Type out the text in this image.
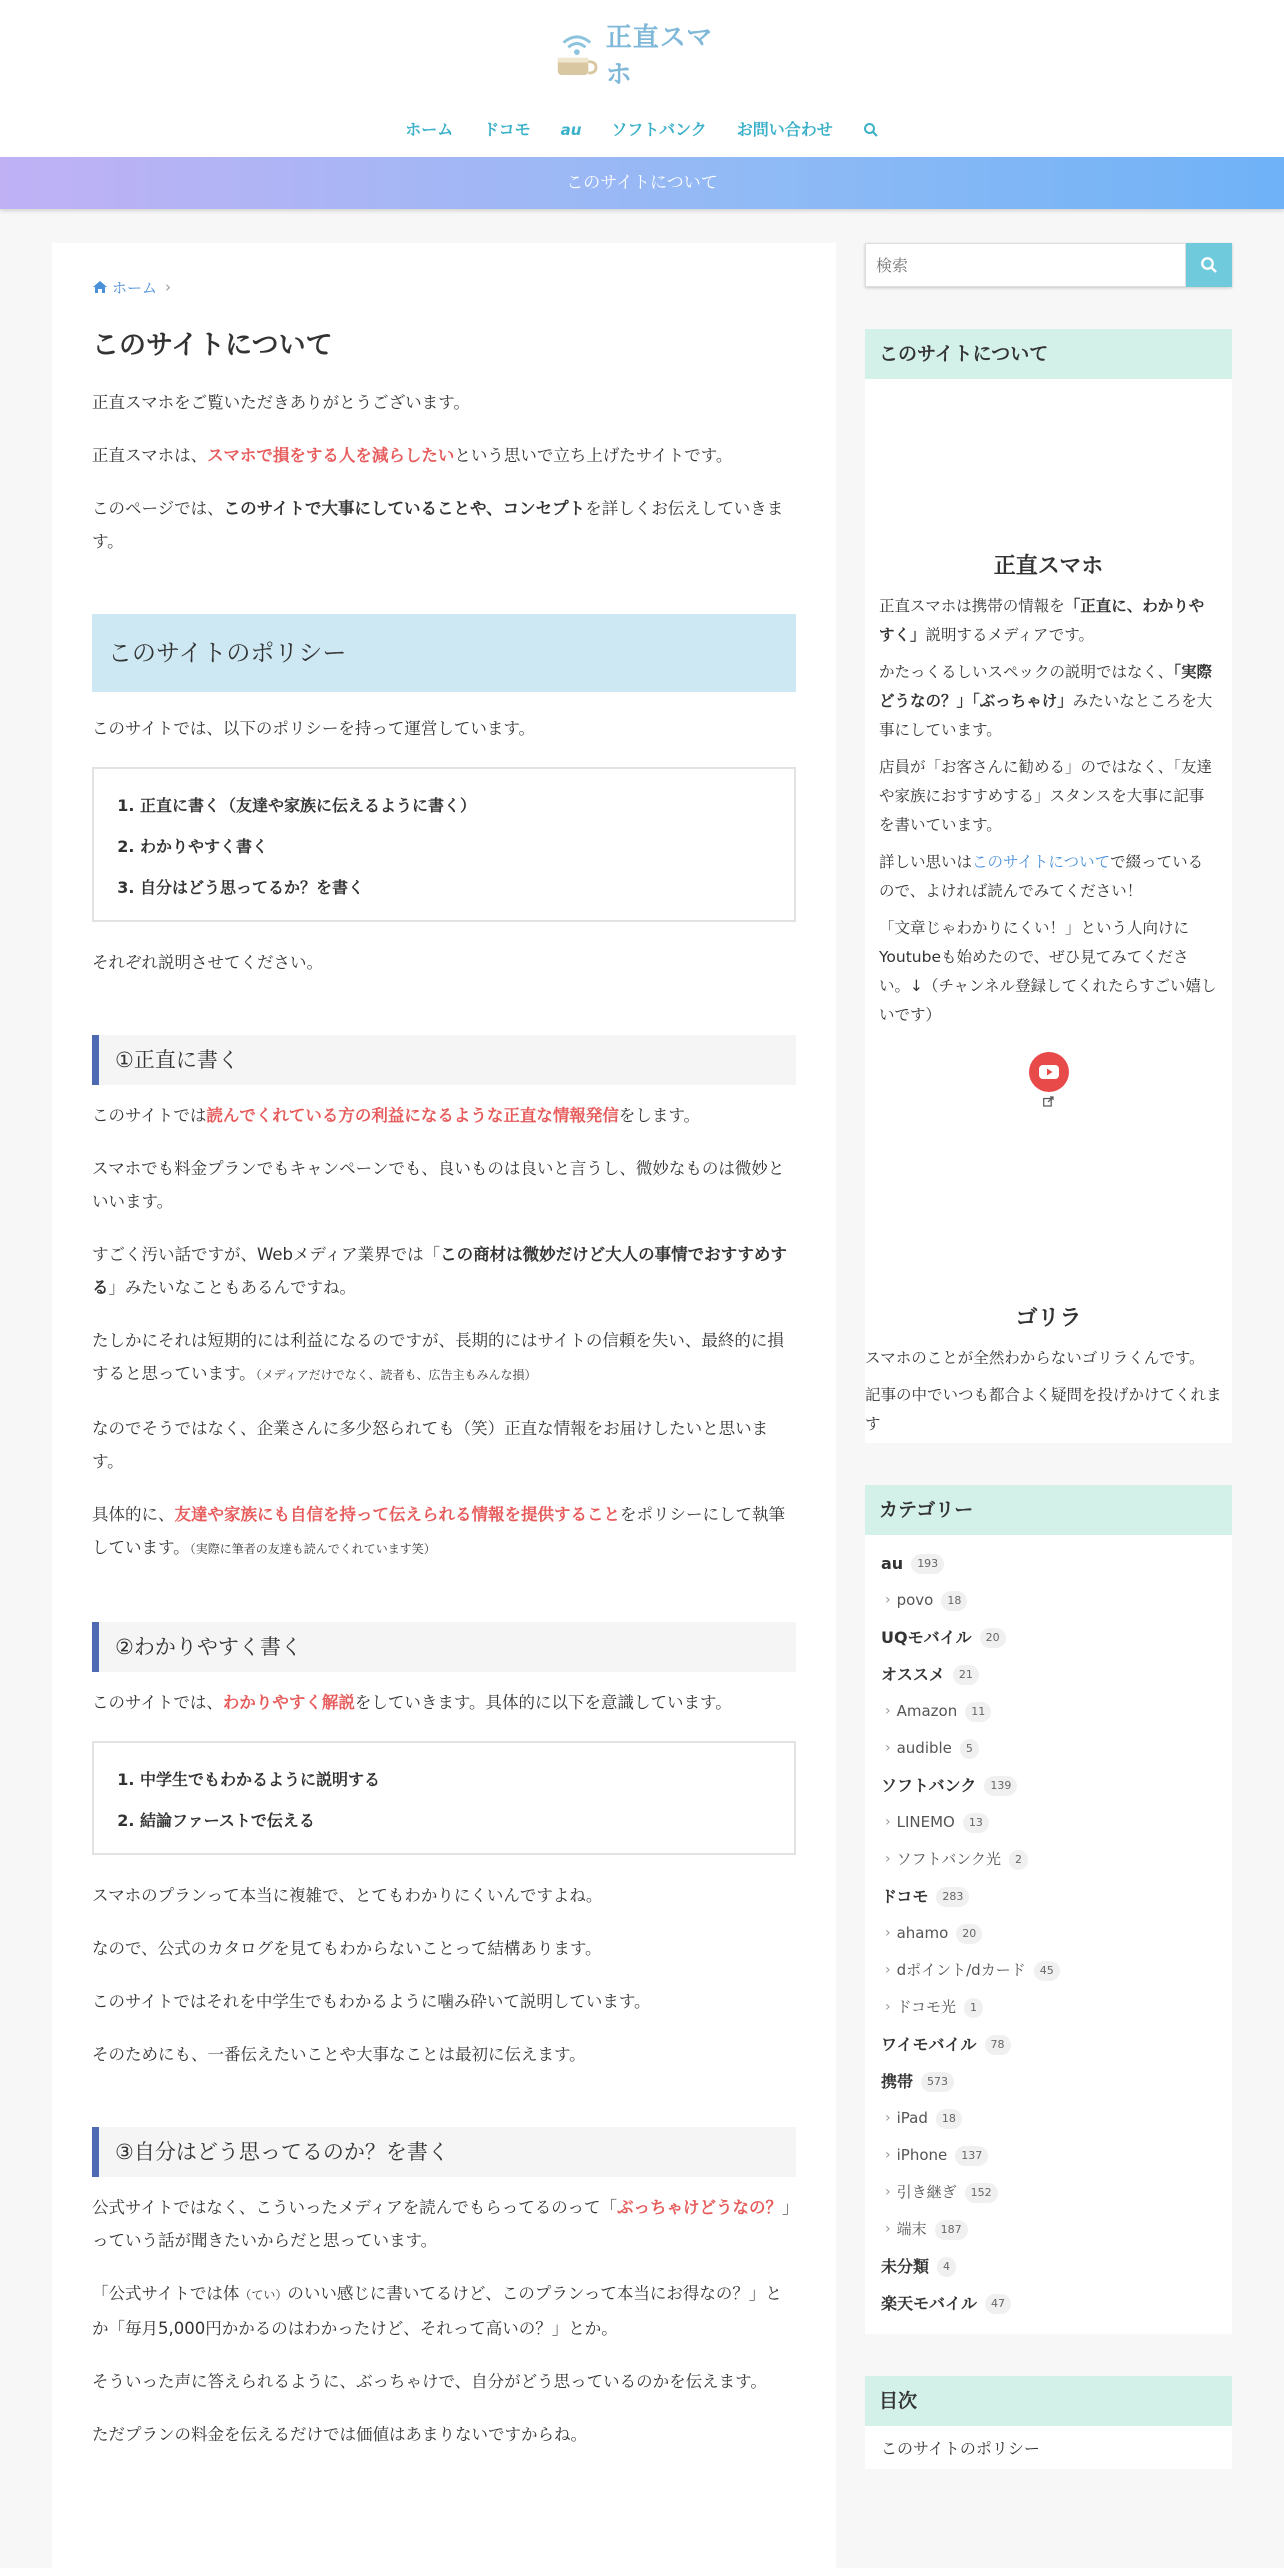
正直スマホ
ホーム	ドコモ	au	ソフトバンク	お問い合わせ
このサイトについて
ホーム ›
このサイトについて

正直スマホをご覧いただきありがとうございます。

正直スマホは、スマホで損をする人を減らしたいという思いで立ち上げたサイトです。

このページでは、このサイトで大事にしていることや、コンセプトを詳しくお伝えしていきます。

このサイトのポリシー

このサイトでは、以下のポリシーを持って運営しています。

1. 正直に書く（友達や家族に伝えるように書く）
2. わかりやすく書く
3. 自分はどう思ってるか？を書く

それぞれ説明させてください。

①正直に書く

このサイトでは読んでくれている方の利益になるような正直な情報発信をします。

スマホでも料金プランでもキャンペーンでも、良いものは良いと言うし、微妙なものは微妙といいます。

すごく汚い話ですが、Webメディア業界では「この商材は微妙だけど大人の事情でおすすめする」みたいなこともあるんですね。

たしかにそれは短期的には利益になるのですが、長期的にはサイトの信頼を失い、最終的に損すると思っています。（メディアだけでなく、読者も、広告主もみんな損）

なのでそうではなく、企業さんに多少怒られても（笑）正直な情報をお届けしたいと思います。

具体的に、友達や家族にも自信を持って伝えられる情報を提供することをポリシーにして執筆しています。（実際に筆者の友達も読んでくれています笑）

②わかりやすく書く

このサイトでは、わかりやすく解説をしていきます。具体的に以下を意識しています。

1. 中学生でもわかるように説明する
2. 結論ファーストで伝える

スマホのプランって本当に複雑で、とてもわかりにくいんですよね。

なので、公式のカタログを見てもわからないことって結構あります。

このサイトではそれを中学生でもわかるように噛み砕いて説明しています。

そのためにも、一番伝えたいことや大事なことは最初に伝えます。

③自分はどう思ってるのか？を書く

公式サイトではなく、こういったメディアを読んでもらってるのって「ぶっちゃけどうなの？」っていう話が聞きたいからだと思っています。

「公式サイトでは体（てい）のいい感じに書いてるけど、このプランって本当にお得なの？」とか「毎月5,000円かかるのはわかったけど、それって高いの？」とか。

そういった声に答えられるように、ぶっちゃけで、自分がどう思っているのかを伝えます。

ただプランの料金を伝えるだけでは価値はあまりないですからね。

検索
このサイトについて
正直スマホ
正直スマホは携帯の情報を「正直に、わかりやすく」説明するメディアです。
かたっくるしいスペックの説明ではなく、「実際どうなの？」「ぶっちゃけ」みたいなところを大事にしています。
店員が「お客さんに勧める」のではなく、「友達や家族におすすめする」スタンスを大事に記事を書いています。
詳しい思いはこのサイトについてで綴っているので、よければ読んでみてください！
「文章じゃわかりにくい！」という人向けにYoutubeも始めたので、ぜひ見てみてください。↓（チャンネル登録してくれたらすごい嬉しいです）
ゴリラ
スマホのことが全然わからないゴリラくんです。
記事の中でいつも都合よく疑問を投げかけてくれます
カテゴリー
au	193
› povo	18
UQモバイル	20
オススメ	21
› Amazon	11
› audible	5
ソフトバンク	139
› LINEMO	13
› ソフトバンク光	2
ドコモ	283
› ahamo	20
› dポイント/dカード	45
› ドコモ光	1
ワイモバイル	78
携帯	573
› iPad	18
› iPhone	137
› 引き継ぎ	152
› 端末	187
未分類	4
楽天モバイル	47
目次
このサイトのポリシー
